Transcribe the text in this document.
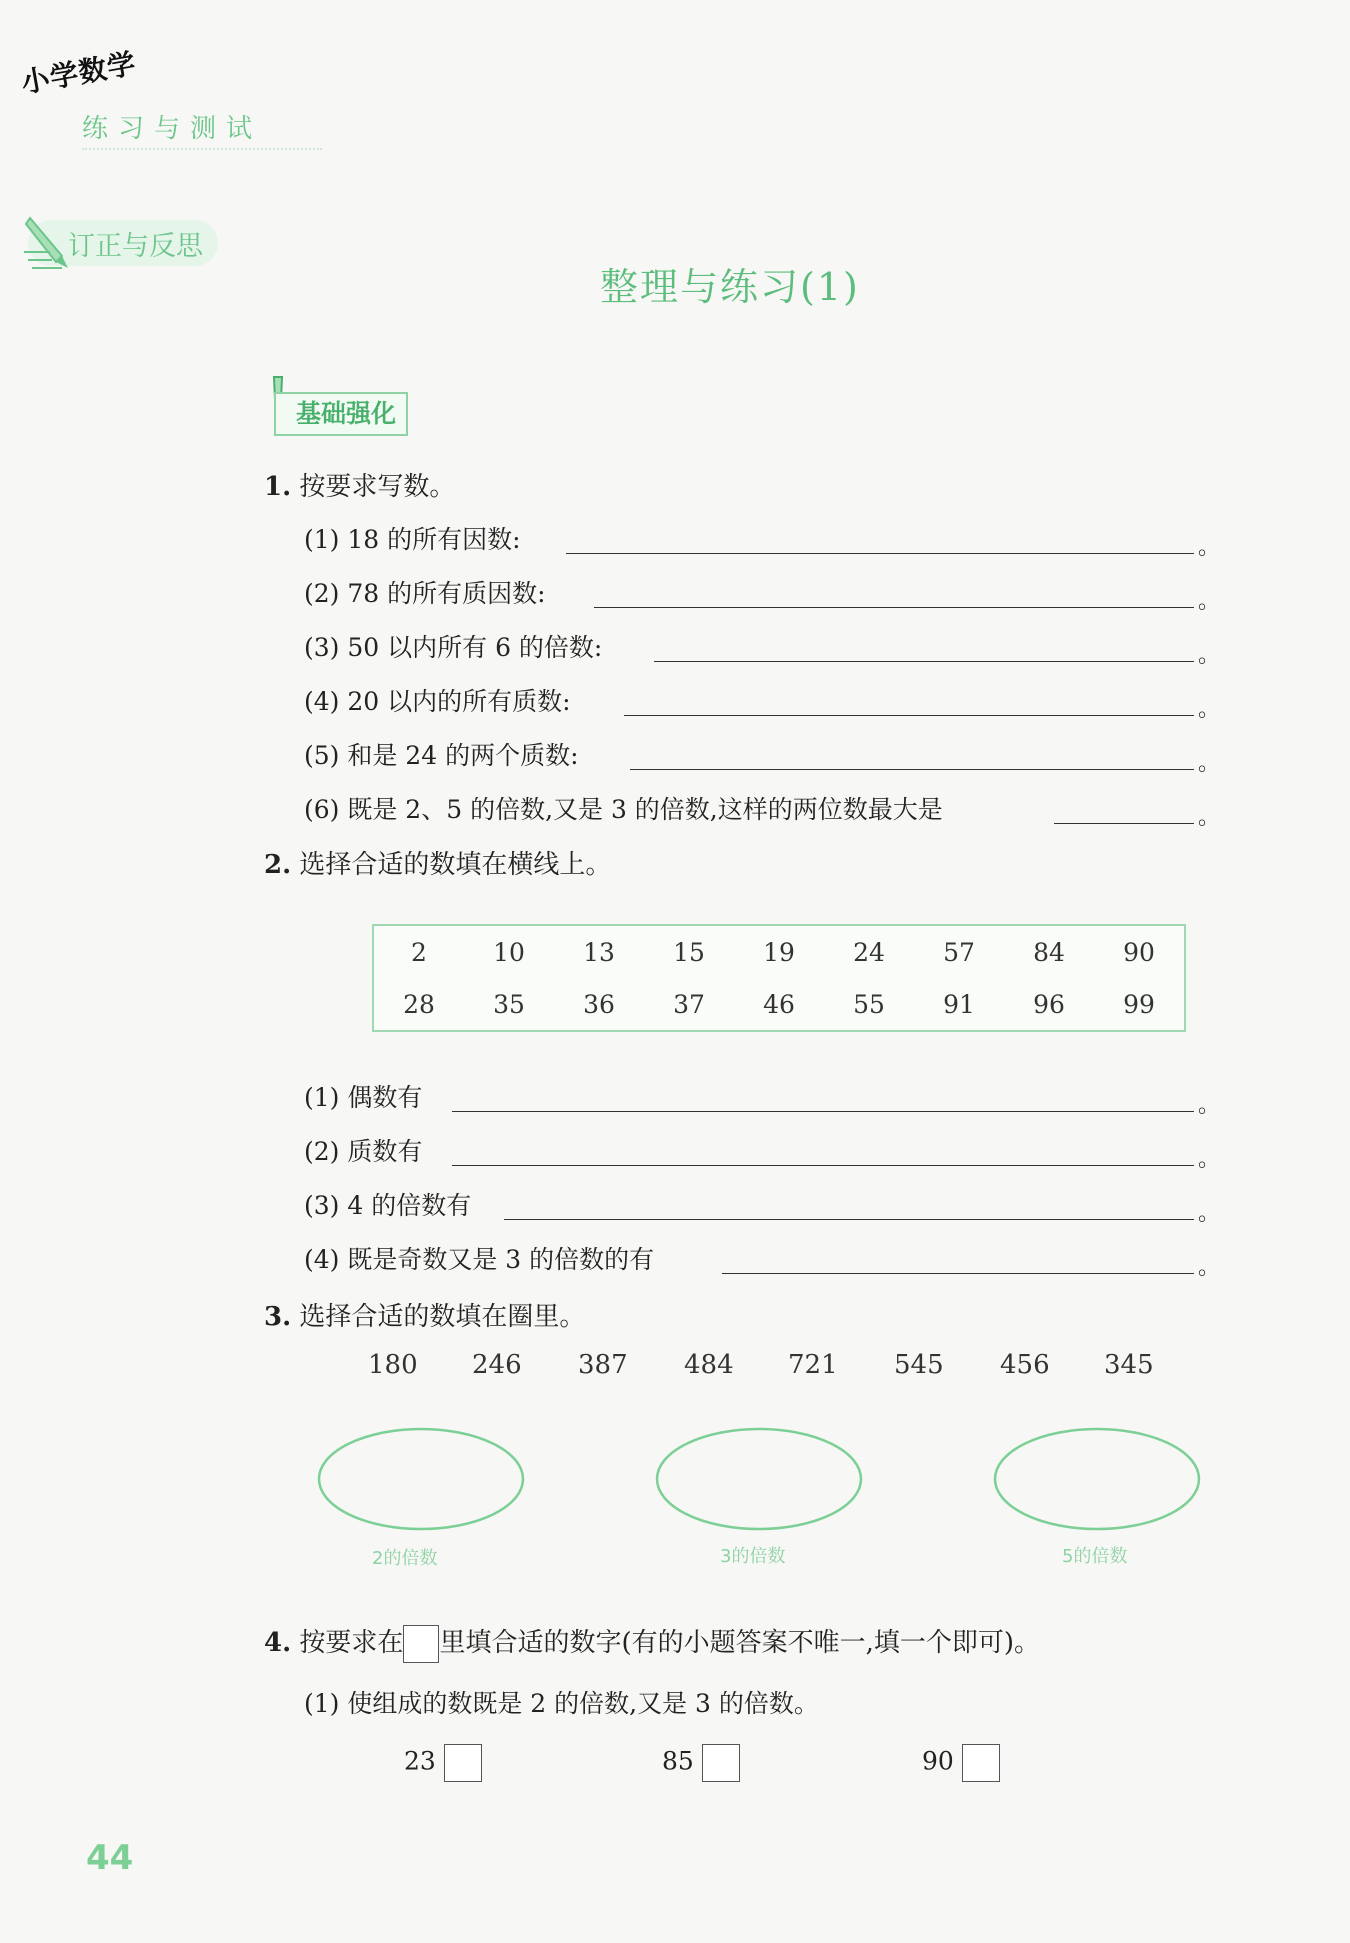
小学数学
练习与测试
订正与反思
整理与练习(1)
基础强化
1. 按要求写数。
(1) 18 的所有因数:	。
(2) 78 的所有质因数:	。
(3) 50 以内所有 6 的倍数:	。
(4) 20 以内的所有质数:	。
(5) 和是 24 的两个质数:	。
(6) 既是 2、5 的倍数,又是 3 的倍数,这样的两位数最大是	。
2. 选择合适的数填在横线上。
2	10	13	15	19	24	57	84	90
28	35	36	37	46	55	91	96	99
(1) 偶数有	。
(2) 质数有	。
(3) 4 的倍数有	。
(4) 既是奇数又是 3 的倍数的有	。
3. 选择合适的数填在圈里。
180 246 387 484 721 545 456 345
2的倍数	3的倍数	5的倍数
4. 按要求在 里填合适的数字(有的小题答案不唯一,填一个即可)。
(1) 使组成的数既是 2 的倍数,又是 3 的倍数。
23	85	90
44
